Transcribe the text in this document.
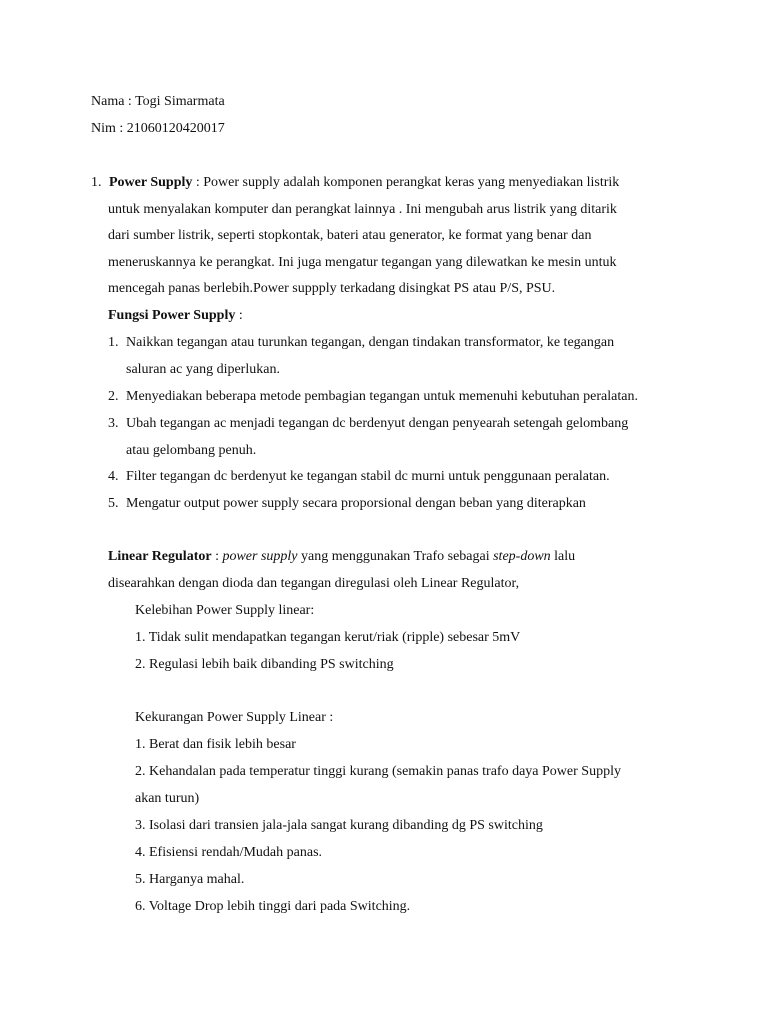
Nama : Togi Simarmata
Nim : 21060120420017
1. Power Supply : Power supply adalah komponen perangkat keras yang menyediakan listrik
untuk menyalakan komputer dan perangkat lainnya . Ini mengubah arus listrik yang ditarik
dari sumber listrik, seperti stopkontak, bateri atau generator, ke format yang benar dan
meneruskannya ke perangkat. Ini juga mengatur tegangan yang dilewatkan ke mesin untuk
mencegah panas berlebih.Power suppply terkadang disingkat PS atau P/S, PSU.
Fungsi Power Supply :
1. Naikkan tegangan atau turunkan tegangan, dengan tindakan transformator, ke tegangan
saluran ac yang diperlukan.
2. Menyediakan beberapa metode pembagian tegangan untuk memenuhi kebutuhan peralatan.
3. Ubah tegangan ac menjadi tegangan dc berdenyut dengan penyearah setengah gelombang
atau gelombang penuh.
4. Filter tegangan dc berdenyut ke tegangan stabil dc murni untuk penggunaan peralatan.
5. Mengatur output power supply secara proporsional dengan beban yang diterapkan
Linear Regulator : power supply yang menggunakan Trafo sebagai step-down lalu
disearahkan dengan dioda dan tegangan diregulasi oleh Linear Regulator,
Kelebihan Power Supply linear:
1. Tidak sulit mendapatkan tegangan kerut/riak (ripple) sebesar 5mV
2. Regulasi lebih baik dibanding PS switching
Kekurangan Power Supply Linear :
1. Berat dan fisik lebih besar
2. Kehandalan pada temperatur tinggi kurang (semakin panas trafo daya Power Supply
akan turun)
3. Isolasi dari transien jala-jala sangat kurang dibanding dg PS switching
4. Efisiensi rendah/Mudah panas.
5. Harganya mahal.
6. Voltage Drop lebih tinggi dari pada Switching.
